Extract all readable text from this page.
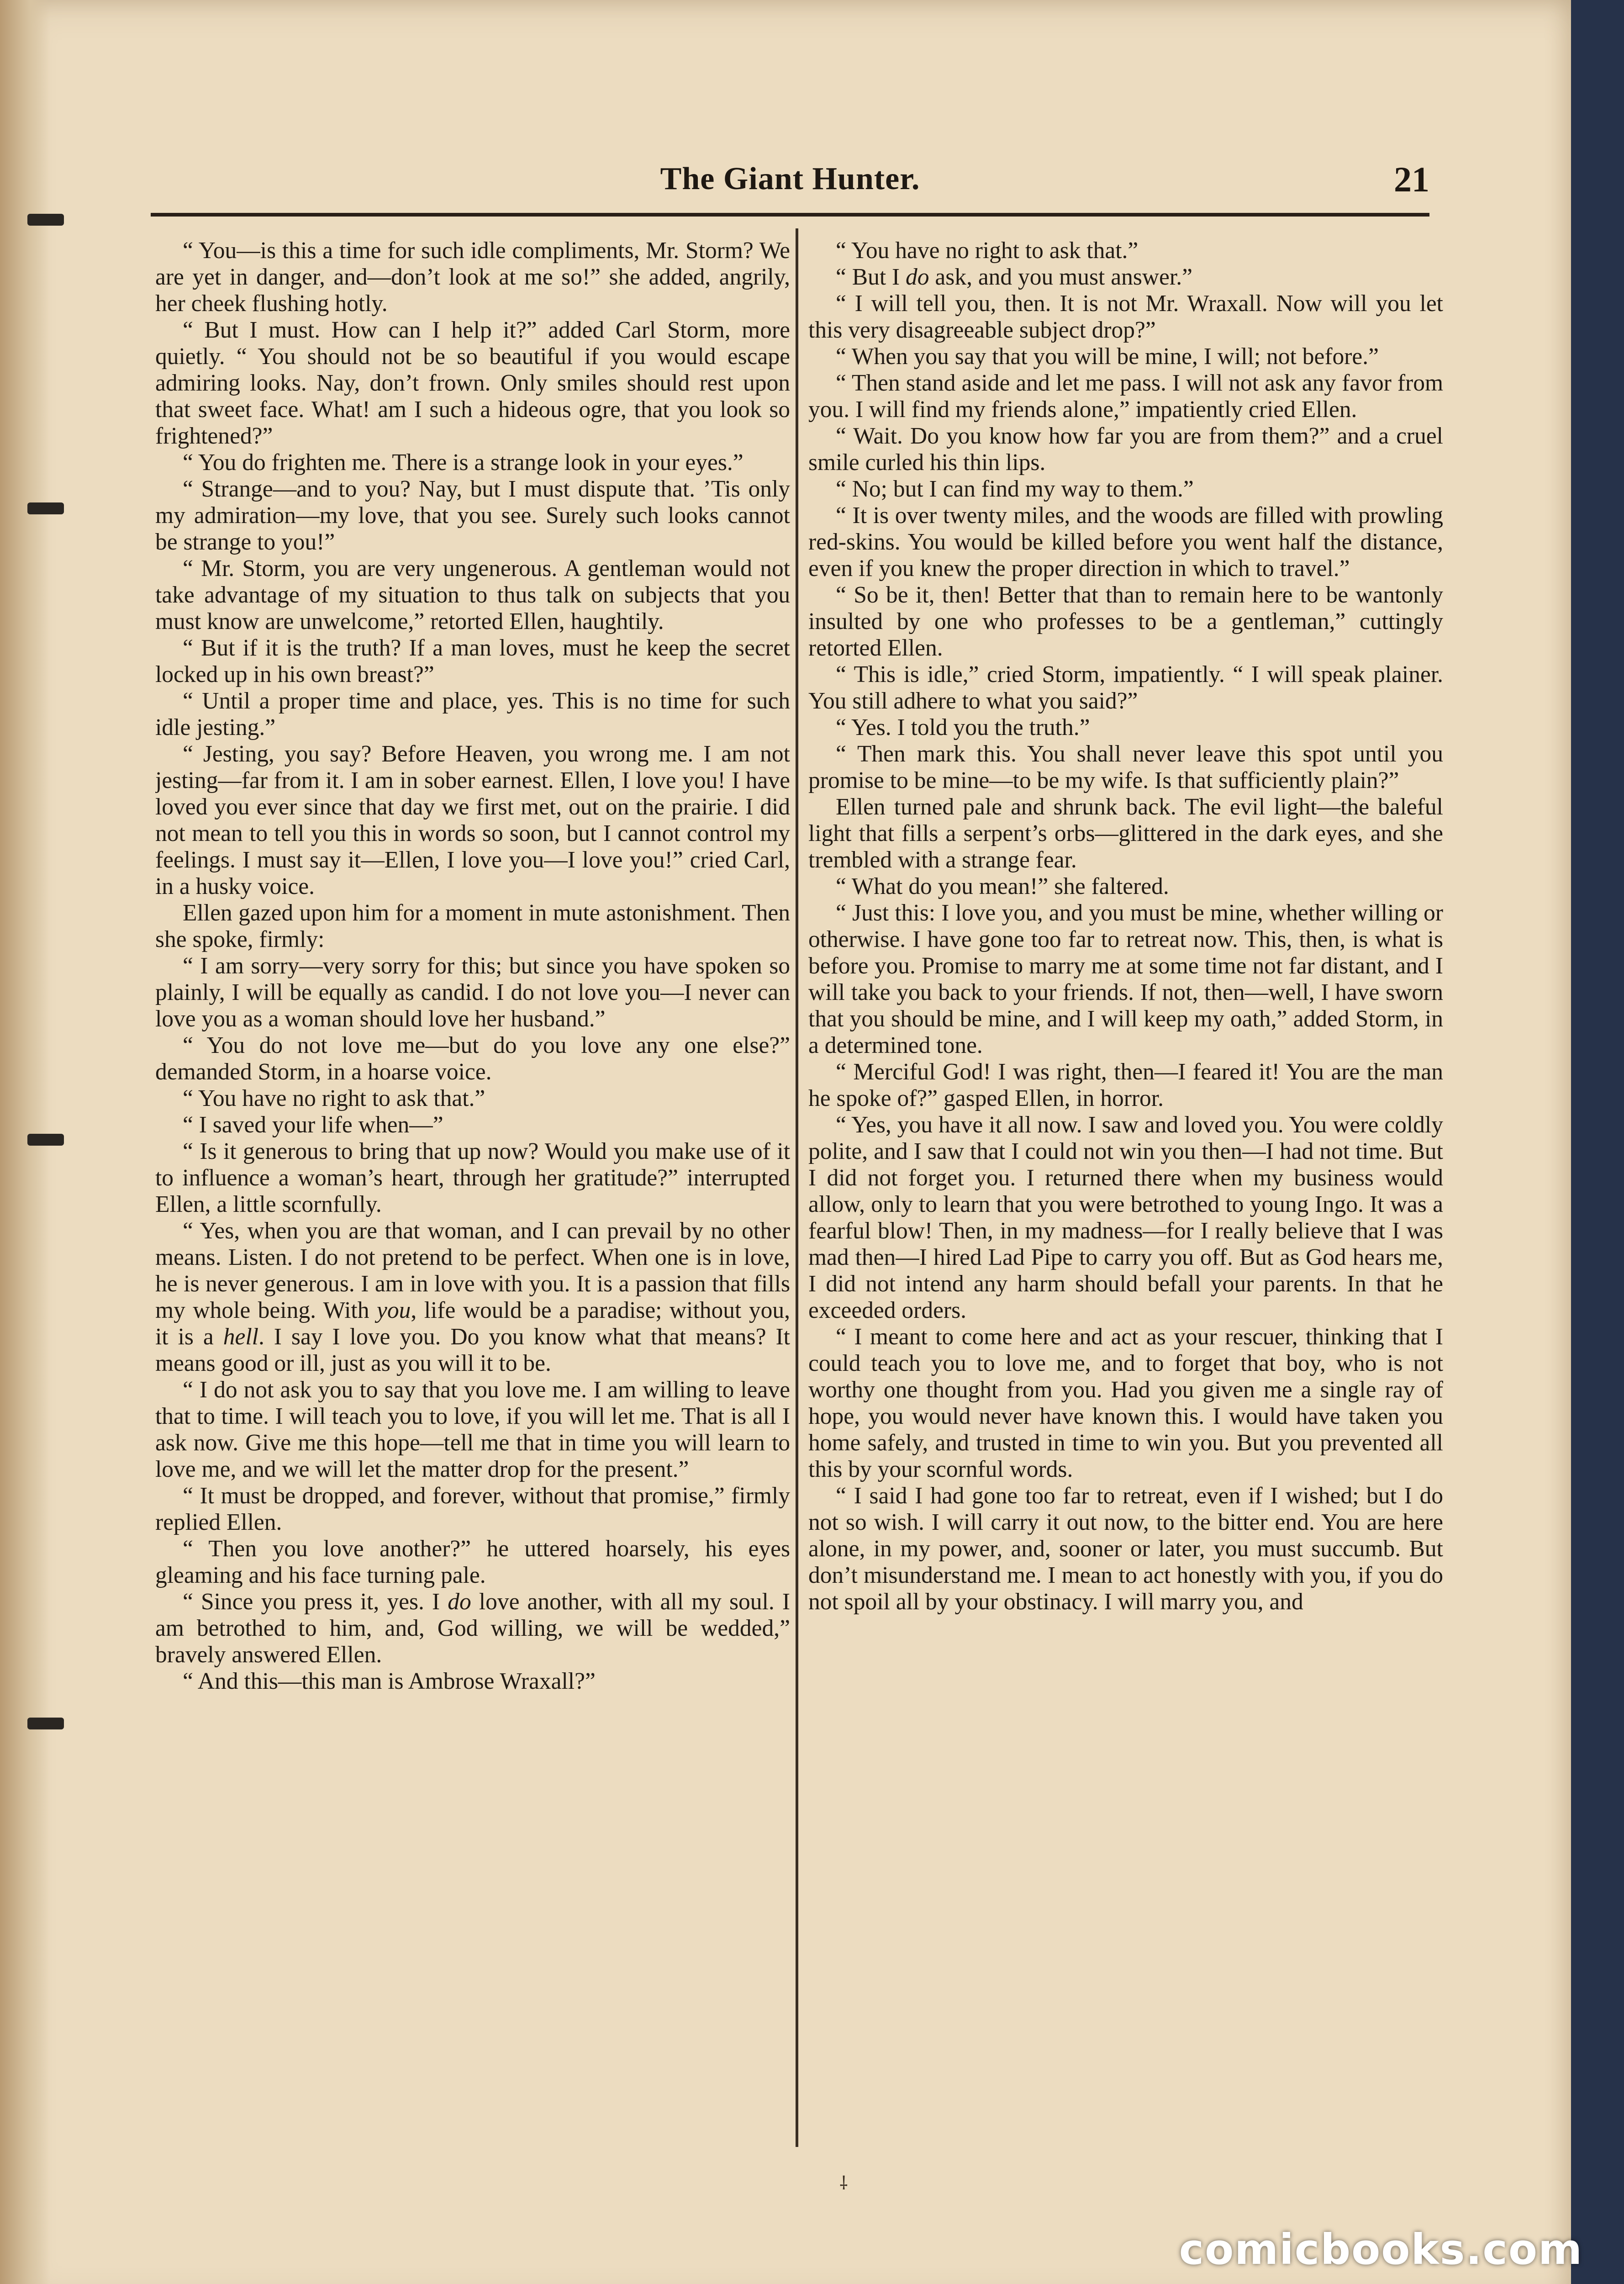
The Giant Hunter.	21

“ You—is this a time for such idle compliments, Mr. Storm? We are yet in danger, and—don’t look at me so!” she added, angrily, her cheek flushing hotly.

“ But I must. How can I help it?” added Carl Storm, more quietly. “ You should not be so beautiful if you would escape admiring looks. Nay, don’t frown. Only smiles should rest upon that sweet face. What! am I such a hideous ogre, that you look so frightened?”

“ You do frighten me. There is a strange look in your eyes.”

“ Strange—and to you? Nay, but I must dispute that. ’Tis only my admiration—my love, that you see. Surely such looks cannot be strange to you!”

“ Mr. Storm, you are very ungenerous. A gentleman would not take advantage of my situation to thus talk on subjects that you must know are unwelcome,” retorted Ellen, haughtily.

“ But if it is the truth? If a man loves, must he keep the secret locked up in his own breast?”

“ Until a proper time and place, yes. This is no time for such idle jesting.”

“ Jesting, you say? Before Heaven, you wrong me. I am not jesting—far from it. I am in sober earnest. Ellen, I love you! I have loved you ever since that day we first met, out on the prairie. I did not mean to tell you this in words so soon, but I cannot control my feelings. I must say it—Ellen, I love you—I love you!” cried Carl, in a husky voice.

Ellen gazed upon him for a moment in mute astonishment. Then she spoke, firmly:

“ I am sorry—very sorry for this; but since you have spoken so plainly, I will be equally as candid. I do not love you—I never can love you as a woman should love her husband.”

“ You do not love me—but do you love any one else?” demanded Storm, in a hoarse voice.

“ You have no right to ask that.”

“ I saved your life when—”

“ Is it generous to bring that up now? Would you make use of it to influence a woman’s heart, through her gratitude?” interrupted Ellen, a little scornfully.

“ Yes, when you are that woman, and I can prevail by no other means. Listen. I do not pretend to be perfect. When one is in love, he is never generous. I am in love with you. It is a passion that fills my whole being. With you, life would be a paradise; without you, it is a hell. I say I love you. Do you know what that means? It means good or ill, just as you will it to be.

“ I do not ask you to say that you love me. I am willing to leave that to time. I will teach you to love, if you will let me. That is all I ask now. Give me this hope—tell me that in time you will learn to love me, and we will let the matter drop for the present.”

“ It must be dropped, and forever, without that promise,” firmly replied Ellen.

“ Then you love another?” he uttered hoarsely, his eyes gleaming and his face turning pale.

“ Since you press it, yes. I do love another, with all my soul. I am betrothed to him, and, God willing, we will be wedded,” bravely answered Ellen.

“ And this—this man is Ambrose Wraxall?”

“ You have no right to ask that.”

“ But I do ask, and you must answer.”

“ I will tell you, then. It is not Mr. Wraxall. Now will you let this very disagreeable subject drop?”

“ When you say that you will be mine, I will; not before.”

“ Then stand aside and let me pass. I will not ask any favor from you. I will find my friends alone,” impatiently cried Ellen.

“ Wait. Do you know how far you are from them?” and a cruel smile curled his thin lips.

“ No; but I can find my way to them.”

“ It is over twenty miles, and the woods are filled with prowling red-skins. You would be killed before you went half the distance, even if you knew the proper direction in which to travel.”

“ So be it, then! Better that than to remain here to be wantonly insulted by one who professes to be a gentleman,” cuttingly retorted Ellen.

“ This is idle,” cried Storm, impatiently. “ I will speak plainer. You still adhere to what you said?”

“ Yes. I told you the truth.”

“ Then mark this. You shall never leave this spot until you promise to be mine—to be my wife. Is that sufficiently plain?”

Ellen turned pale and shrunk back. The evil light—the baleful light that fills a serpent’s orbs—glittered in the dark eyes, and she trembled with a strange fear.

“ What do you mean!” she faltered.

“ Just this: I love you, and you must be mine, whether willing or otherwise. I have gone too far to retreat now. This, then, is what is before you. Promise to marry me at some time not far distant, and I will take you back to your friends. If not, then—well, I have sworn that you should be mine, and I will keep my oath,” added Storm, in a determined tone.

“ Merciful God! I was right, then—I feared it! You are the man he spoke of?” gasped Ellen, in horror.

“ Yes, you have it all now. I saw and loved you. You were coldly polite, and I saw that I could not win you then—I had not time. But I did not forget you. I returned there when my business would allow, only to learn that you were betrothed to young Ingo. It was a fearful blow! Then, in my madness—for I really believe that I was mad then—I hired Lad Pipe to carry you off. But as God hears me, I did not intend any harm should befall your parents. In that he exceeded orders.

“ I meant to come here and act as your rescuer, thinking that I could teach you to love me, and to forget that boy, who is not worthy one thought from you. Had you given me a single ray of hope, you would never have known this. I would have taken you home safely, and trusted in time to win you. But you prevented all this by your scornful words.

“ I said I had gone too far to retreat, even if I wished; but I do not so wish. I will carry it out now, to the bitter end. You are here alone, in my power, and, sooner or later, you must succumb. But don’t misunderstand me. I mean to act honestly with you, if you do not spoil all by your obstinacy. I will marry you, and

⸸
comicbooks.com
